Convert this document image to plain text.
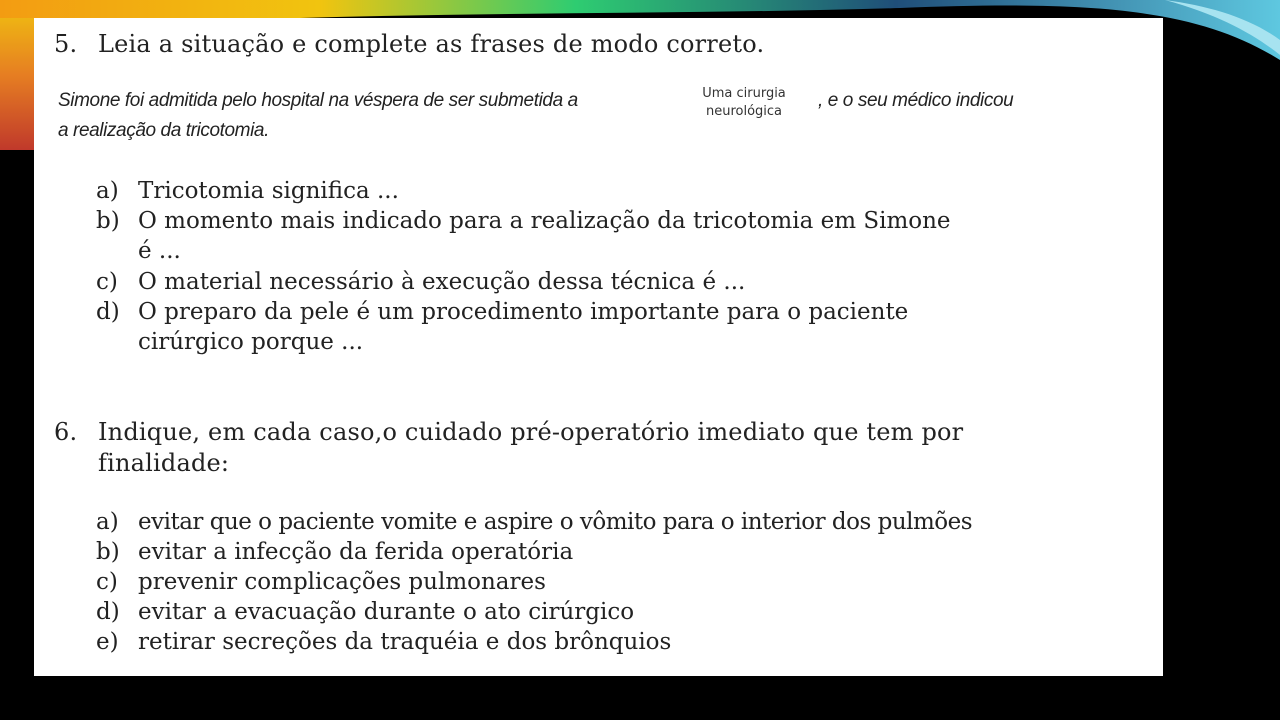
5. Leia a situação e complete as frases de modo correto.
Simone foi admitida pelo hospital na véspera de ser submetida a	Uma cirurgia
neurológica
, e o seu médico indicou
a realização da tricotomia.
a) Tricotomia significa ...
b) O momento mais indicado para a realização da tricotomia em Simone
é ...
c) O material necessário à execução dessa técnica é ...
d) O preparo da pele é um procedimento importante para o paciente
cirúrgico porque ...
6. Indique, em cada caso,o cuidado pré-operatório imediato que tem por
finalidade:
a) evitar que o paciente vomite e aspire o vômito para o interior dos pulmões
b) evitar a infecção da ferida operatória
c) prevenir complicações pulmonares
d) evitar a evacuação durante o ato cirúrgico
e) retirar secreções da traquéia e dos brônquios
